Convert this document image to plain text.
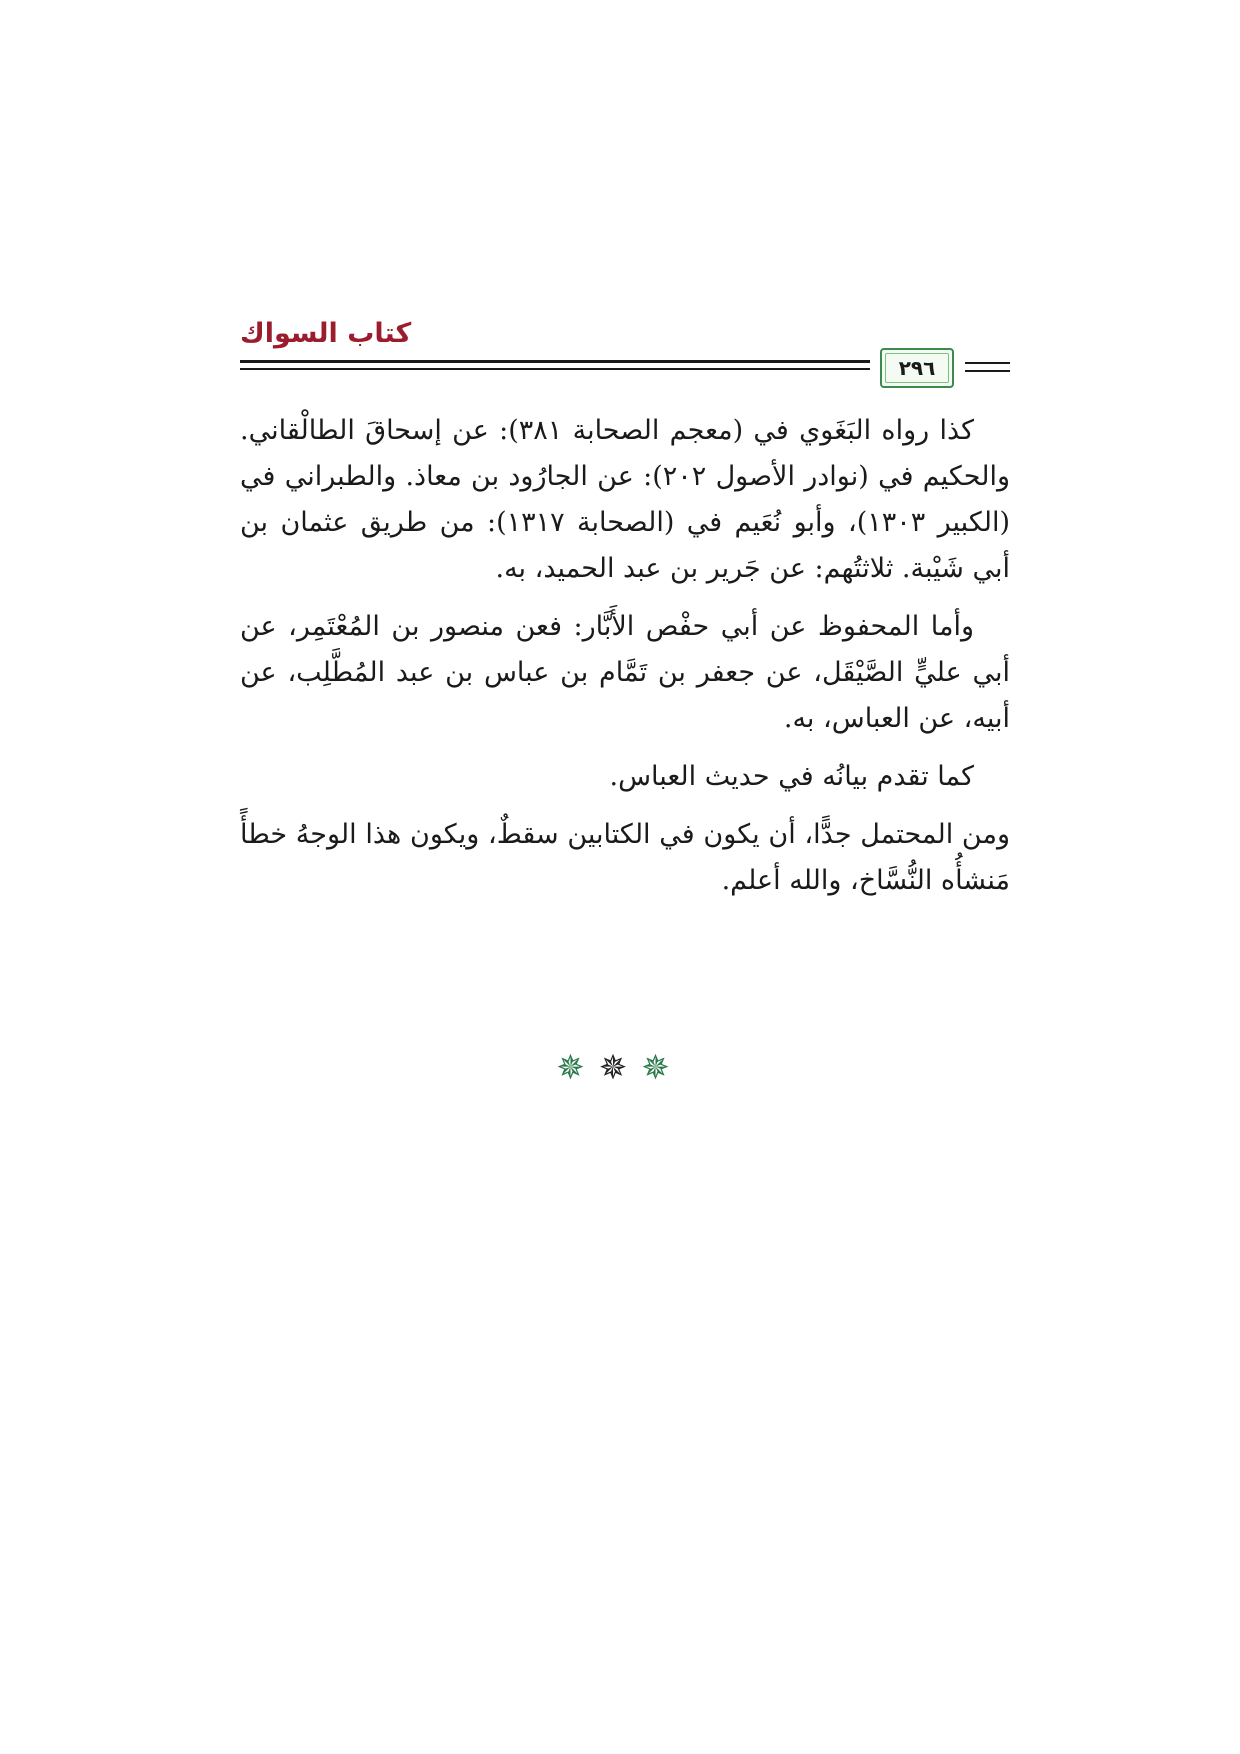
كتاب السواك
٢٩٦

كذا رواه البَغَوي في (معجم الصحابة ٣٨١): عن إسحاقَ الطالْقاني. والحكيم في (نوادر الأصول ٢٠٢): عن الجارُود بن معاذ. والطبراني في (الكبير ١٣٠٣)، وأبو نُعَيم في (الصحابة ١٣١٧): من طريق عثمان بن أبي شَيْبة. ثلاثتُهم: عن جَرير بن عبد الحميد، به.

وأما المحفوظ عن أبي حفْص الأَبَّار: فعن منصور بن المُعْتَمِر، عن أبي عليٍّ الصَّيْقَل، عن جعفر بن تَمَّام بن عباس بن عبد المُطَّلِب، عن أبيه، عن العباس، به.

كما تقدم بيانُه في حديث العباس.

ومن المحتمل جدًّا، أن يكون في الكتابين سقطٌ، ويكون هذا الوجهُ خطأً مَنشأُه النُّسَّاخ، والله أعلم.

✵✵✵
